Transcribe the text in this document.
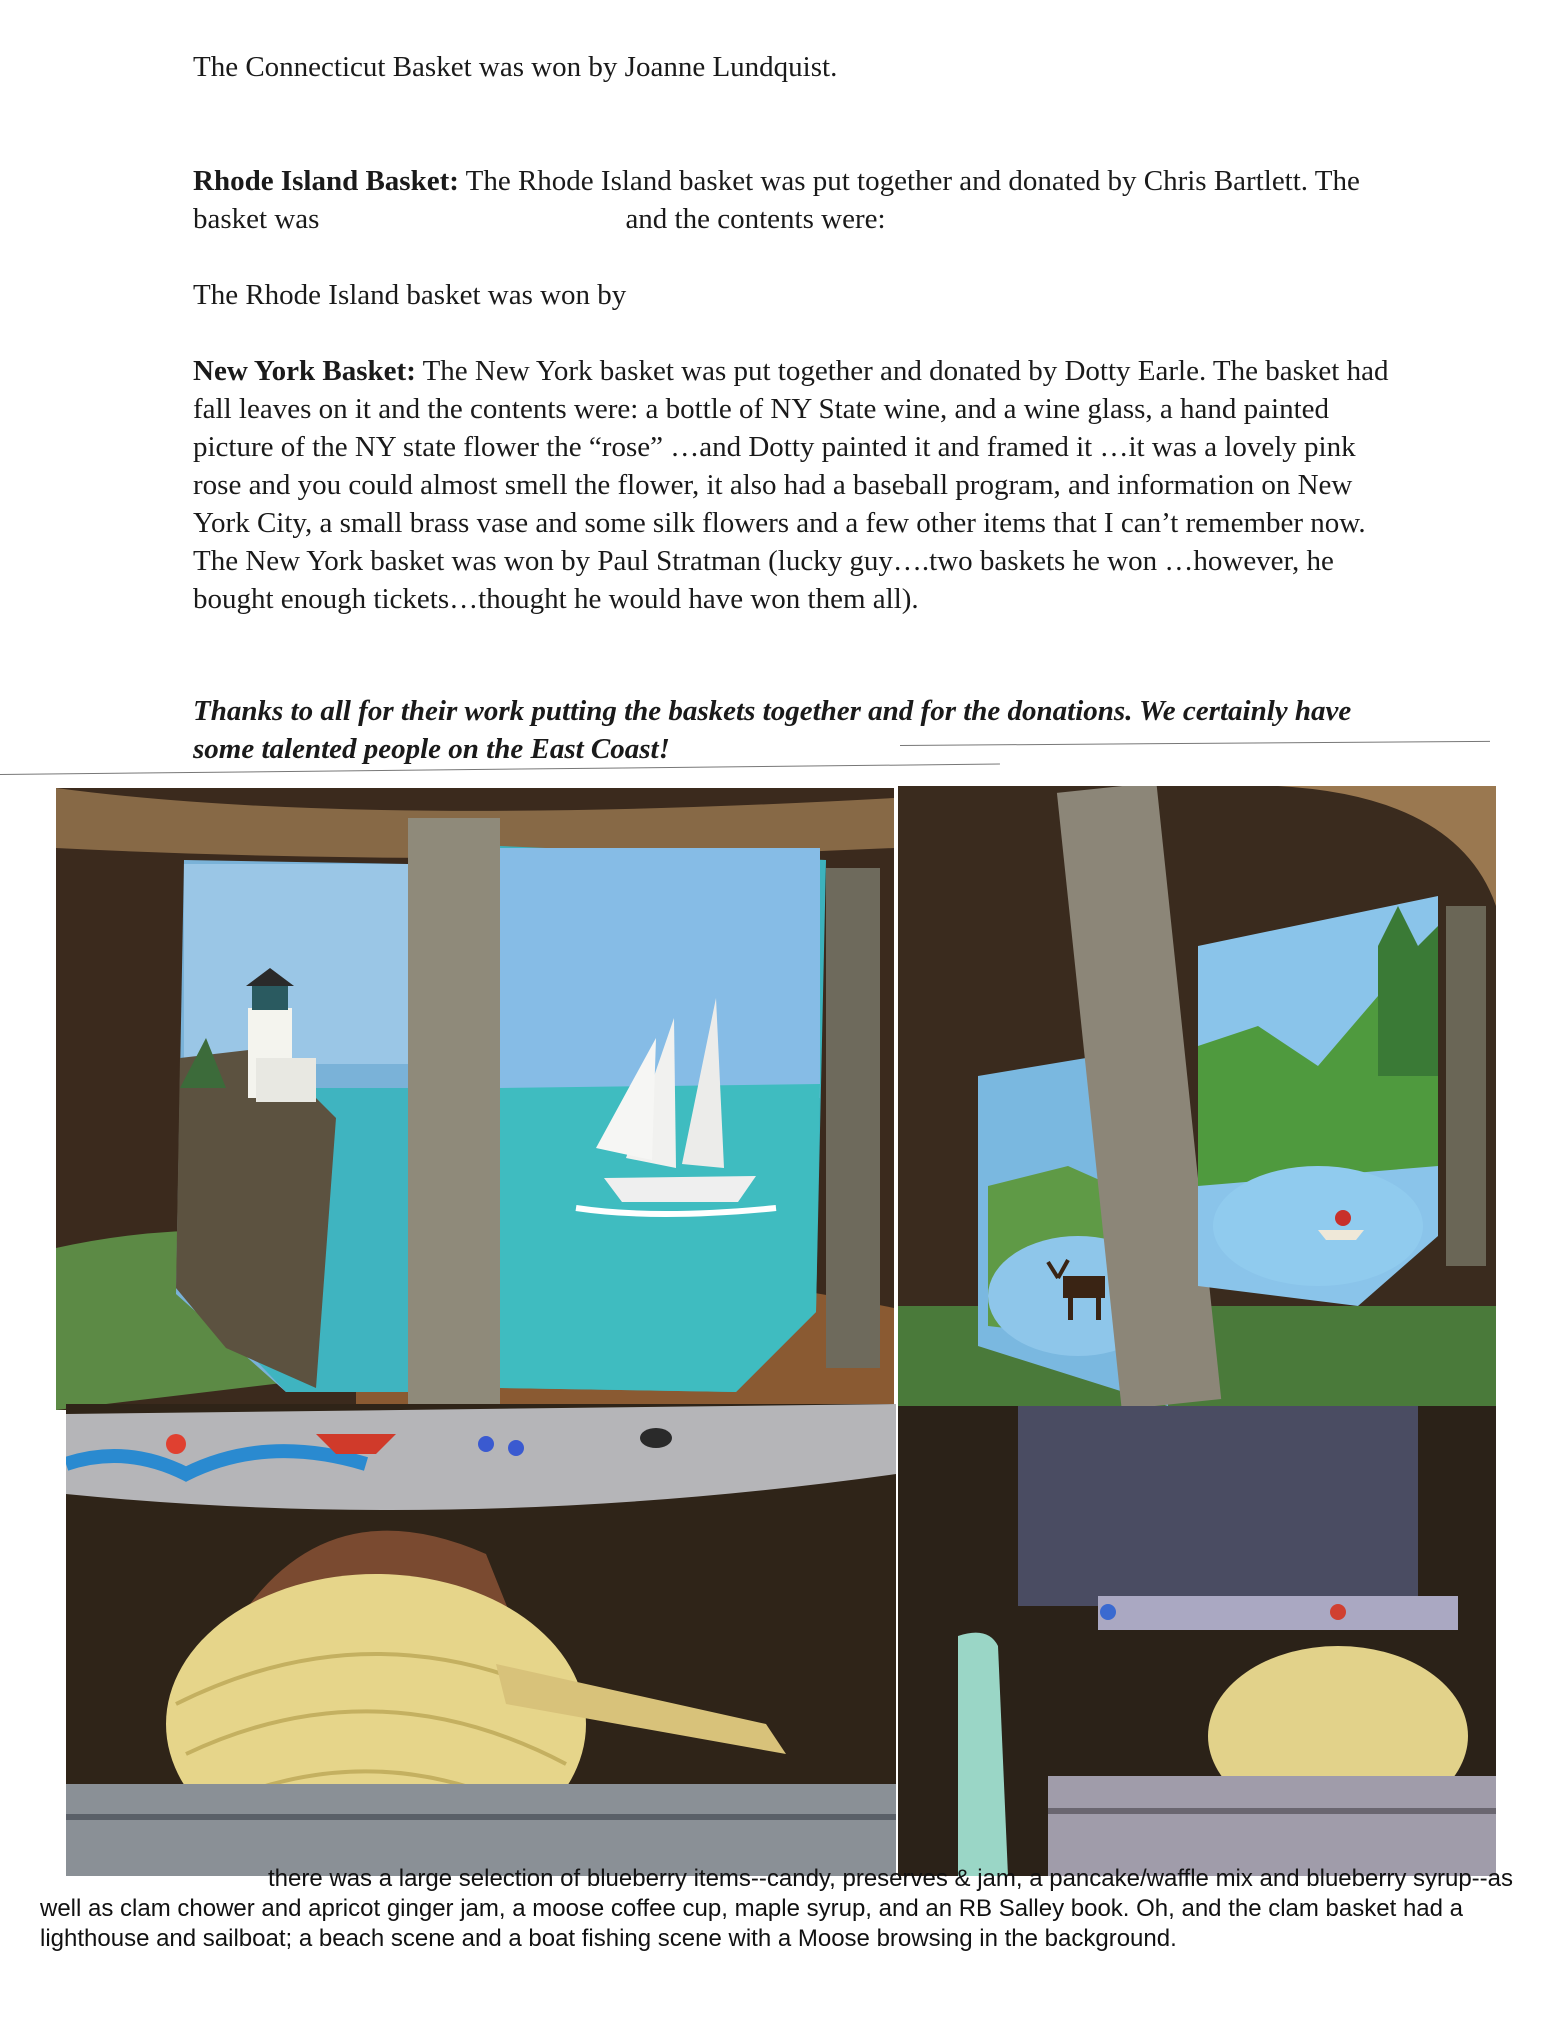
The Connecticut Basket was won by Joanne Lundquist.

Rhode Island Basket: The Rhode Island basket was put together and donated by Chris Bartlett. The basket was	and the contents were:

The Rhode Island basket was won by

New York Basket: The New York basket was put together and donated by Dotty Earle. The basket had fall leaves on it and the contents were: a bottle of NY State wine, and a wine glass, a hand painted picture of the NY state flower the “rose” …and Dotty painted it and framed it …it was a lovely pink rose and you could almost smell the flower, it also had a baseball program, and information on New York City, a small brass vase and some silk flowers and a few other items that I can’t remember now. The New York basket was won by Paul Stratman (lucky guy….two baskets he won …however, he bought enough tickets…thought he would have won them all).

Thanks to all for their work putting the baskets together and for the donations. We certainly have some talented people on the East Coast!

there was a large selection of blueberry items--candy, preserves & jam, a pancake/waffle mix and blueberry syrup--as well as clam chower and apricot ginger jam, a moose coffee cup, maple syrup, and an RB Salley book. Oh, and the clam basket had a lighthouse and sailboat; a beach scene and a boat fishing scene with a Moose browsing in the background.
